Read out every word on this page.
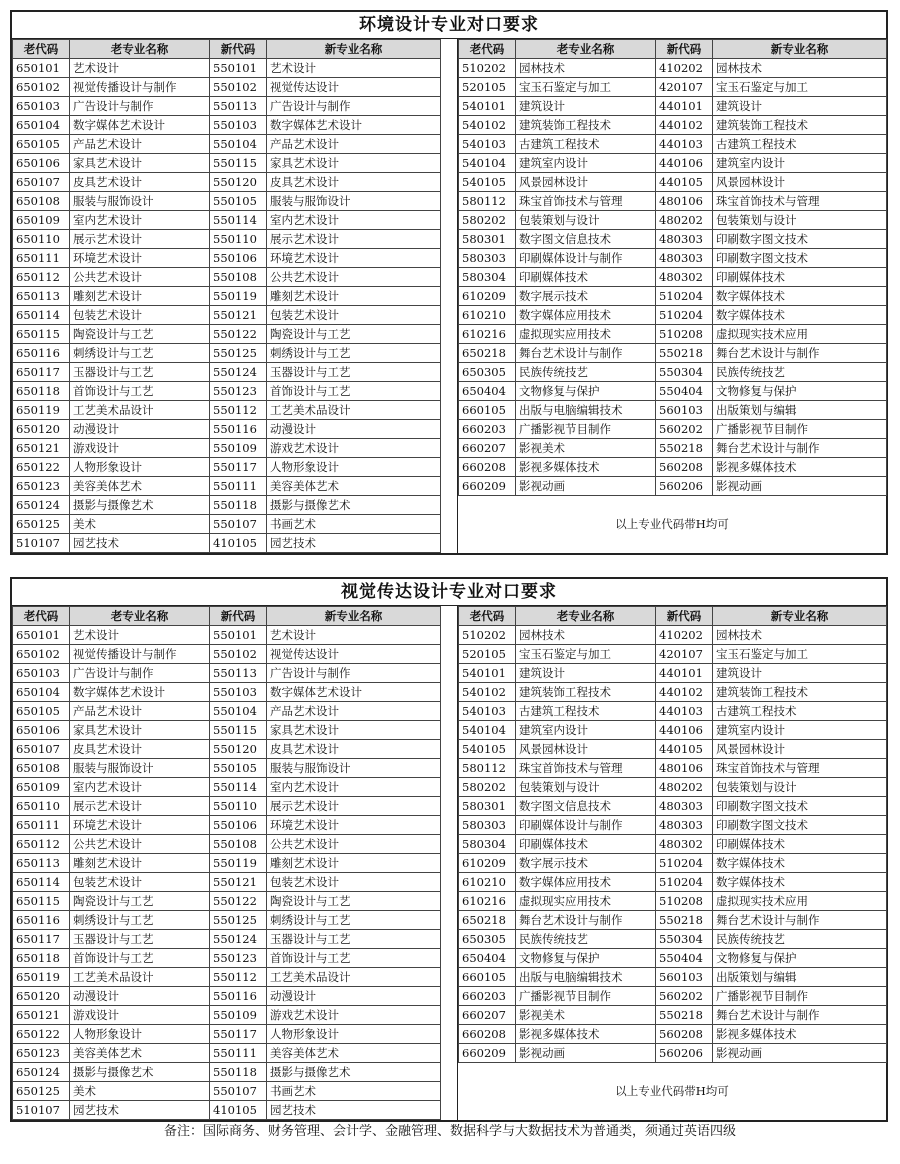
环境设计专业对口要求
老代码	老专业名称	新代码	新专业名称
650101	艺术设计	550101	艺术设计
650102	视觉传播设计与制作	550102	视觉传达设计
650103	广告设计与制作	550113	广告设计与制作
650104	数字媒体艺术设计	550103	数字媒体艺术设计
650105	产品艺术设计	550104	产品艺术设计
650106	家具艺术设计	550115	家具艺术设计
650107	皮具艺术设计	550120	皮具艺术设计
650108	服装与服饰设计	550105	服装与服饰设计
650109	室内艺术设计	550114	室内艺术设计
650110	展示艺术设计	550110	展示艺术设计
650111	环境艺术设计	550106	环境艺术设计
650112	公共艺术设计	550108	公共艺术设计
650113	雕刻艺术设计	550119	雕刻艺术设计
650114	包装艺术设计	550121	包装艺术设计
650115	陶瓷设计与工艺	550122	陶瓷设计与工艺
650116	刺绣设计与工艺	550125	刺绣设计与工艺
650117	玉器设计与工艺	550124	玉器设计与工艺
650118	首饰设计与工艺	550123	首饰设计与工艺
650119	工艺美术品设计	550112	工艺美术品设计
650120	动漫设计	550116	动漫设计
650121	游戏设计	550109	游戏艺术设计
650122	人物形象设计	550117	人物形象设计
650123	美容美体艺术	550111	美容美体艺术
650124	摄影与摄像艺术	550118	摄影与摄像艺术
650125	美术	550107	书画艺术
510107	园艺技术	410105	园艺技术
老代码	老专业名称	新代码	新专业名称
510202	园林技术	410202	园林技术
520105	宝玉石鉴定与加工	420107	宝玉石鉴定与加工
540101	建筑设计	440101	建筑设计
540102	建筑装饰工程技术	440102	建筑装饰工程技术
540103	古建筑工程技术	440103	古建筑工程技术
540104	建筑室内设计	440106	建筑室内设计
540105	风景园林设计	440105	风景园林设计
580112	珠宝首饰技术与管理	480106	珠宝首饰技术与管理
580202	包装策划与设计	480202	包装策划与设计
580301	数字图文信息技术	480303	印刷数字图文技术
580303	印刷媒体设计与制作	480303	印刷数字图文技术
580304	印刷媒体技术	480302	印刷媒体技术
610209	数字展示技术	510204	数字媒体技术
610210	数字媒体应用技术	510204	数字媒体技术
610216	虚拟现实应用技术	510208	虚拟现实技术应用
650218	舞台艺术设计与制作	550218	舞台艺术设计与制作
650305	民族传统技艺	550304	民族传统技艺
650404	文物修复与保护	550404	文物修复与保护
660105	出版与电脑编辑技术	560103	出版策划与编辑
660203	广播影视节目制作	560202	广播影视节目制作
660207	影视美术	550218	舞台艺术设计与制作
660208	影视多媒体技术	560208	影视多媒体技术
660209	影视动画	560206	影视动画
以上专业代码带H均可
视觉传达设计专业对口要求
老代码	老专业名称	新代码	新专业名称
650101	艺术设计	550101	艺术设计
650102	视觉传播设计与制作	550102	视觉传达设计
650103	广告设计与制作	550113	广告设计与制作
650104	数字媒体艺术设计	550103	数字媒体艺术设计
650105	产品艺术设计	550104	产品艺术设计
650106	家具艺术设计	550115	家具艺术设计
650107	皮具艺术设计	550120	皮具艺术设计
650108	服装与服饰设计	550105	服装与服饰设计
650109	室内艺术设计	550114	室内艺术设计
650110	展示艺术设计	550110	展示艺术设计
650111	环境艺术设计	550106	环境艺术设计
650112	公共艺术设计	550108	公共艺术设计
650113	雕刻艺术设计	550119	雕刻艺术设计
650114	包装艺术设计	550121	包装艺术设计
650115	陶瓷设计与工艺	550122	陶瓷设计与工艺
650116	刺绣设计与工艺	550125	刺绣设计与工艺
650117	玉器设计与工艺	550124	玉器设计与工艺
650118	首饰设计与工艺	550123	首饰设计与工艺
650119	工艺美术品设计	550112	工艺美术品设计
650120	动漫设计	550116	动漫设计
650121	游戏设计	550109	游戏艺术设计
650122	人物形象设计	550117	人物形象设计
650123	美容美体艺术	550111	美容美体艺术
650124	摄影与摄像艺术	550118	摄影与摄像艺术
650125	美术	550107	书画艺术
510107	园艺技术	410105	园艺技术
老代码	老专业名称	新代码	新专业名称
510202	园林技术	410202	园林技术
520105	宝玉石鉴定与加工	420107	宝玉石鉴定与加工
540101	建筑设计	440101	建筑设计
540102	建筑装饰工程技术	440102	建筑装饰工程技术
540103	古建筑工程技术	440103	古建筑工程技术
540104	建筑室内设计	440106	建筑室内设计
540105	风景园林设计	440105	风景园林设计
580112	珠宝首饰技术与管理	480106	珠宝首饰技术与管理
580202	包装策划与设计	480202	包装策划与设计
580301	数字图文信息技术	480303	印刷数字图文技术
580303	印刷媒体设计与制作	480303	印刷数字图文技术
580304	印刷媒体技术	480302	印刷媒体技术
610209	数字展示技术	510204	数字媒体技术
610210	数字媒体应用技术	510204	数字媒体技术
610216	虚拟现实应用技术	510208	虚拟现实技术应用
650218	舞台艺术设计与制作	550218	舞台艺术设计与制作
650305	民族传统技艺	550304	民族传统技艺
650404	文物修复与保护	550404	文物修复与保护
660105	出版与电脑编辑技术	560103	出版策划与编辑
660203	广播影视节目制作	560202	广播影视节目制作
660207	影视美术	550218	舞台艺术设计与制作
660208	影视多媒体技术	560208	影视多媒体技术
660209	影视动画	560206	影视动画
以上专业代码带H均可
备注：国际商务、财务管理、会计学、金融管理、数据科学与大数据技术为普通类，须通过英语四级
